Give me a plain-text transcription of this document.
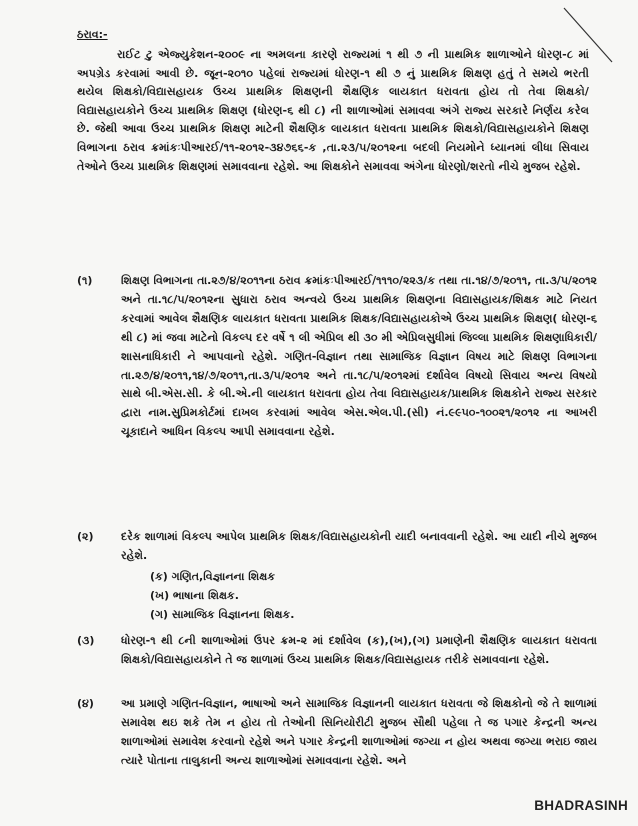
ઠરાવ:-
રાઈટ ટુ એજ્યુકેશન-૨૦૦૯ ના અમલના કારણે રાજ્યમાં ૧ થી ૭ ની પ્રાથમિક શાળાઓને ધોરણ-૮ માં અપગ્રેડ કરવામાં આવી છે. જૂન-૨૦૧૦ પહેલાં રાજ્યમાં ધોરણ-૧ થી ૭ નું પ્રાથમિક શિક્ષણ હતું તે સમયે ભરતી થયેલ શિક્ષકો/વિદ્યાસહાયક ઉચ્ચ પ્રાથમિક શિક્ષણની શૈક્ષણિક લાયકાત ધરાવતા હોય તો તેવા શિક્ષકો/વિદ્યાસહાયકોને ઉચ્ચ પ્રાથમિક શિક્ષણ (ધોરણ-૬ થી ૮) ની શાળાઓમાં સમાવવા અંગે રાજ્ય સરકારે નિર્ણય કરેલ છે. જેથી આવા ઉચ્ચ પ્રાથમિક શિક્ષણ માટેની શૈક્ષણિક લાયકાત ધરાવતા પ્રાથમિક શિક્ષકો/વિદ્યાસહાયકોને શિક્ષણ વિભાગના ઠરાવ ક્રમાંકઃપીઆરઈ/૧૧-૨૦૧૨-૩૪૭૬૬-ક ,તા.૨૩/૫/૨૦૧૨ના બદલી નિયમોને ધ્યાનમાં લીધા સિવાય તેઓને ઉચ્ચ પ્રાથમિક શિક્ષણમાં સમાવવાના રહેશે. આ શિક્ષકોને સમાવવા અંગેના ધોરણો/શરતો નીચે મુજબ રહેશે.
(૧)	શિક્ષણ વિભાગના તા.૨૭/૪/૨૦૧૧ના ઠરાવ ક્રમાંકઃપીઆરઈ/૧૧૧૦/૨૨૩/ક તથા તા.૧૪/૭/૨૦૧૧, તા.૩/૫/૨૦૧૨ અને તા.૧૮/૫/૨૦૧૨ના સુધારા ઠરાવ અન્વયે ઉચ્ચ પ્રાથમિક શિક્ષણના વિદ્યાસહાયક/શિક્ષક માટે નિયત કરવામાં આવેલ શૈક્ષણિક લાયકાત ધરાવતા પ્રાથમિક શિક્ષક/વિદ્યાસહાયકોએ ઉચ્ચ પ્રાથમિક શિક્ષણ( ધોરણ-૬ થી ૮) માં જવા માટેનો વિકલ્પ દર વર્ષે ૧ લી એપ્રિલ થી ૩૦ મી એપ્રિલસુધીમાં જિલ્લા પ્રાથમિક શિક્ષણાધિકારી/શાસનાધિકારી ને આપવાનો રહેશે. ગણિત-વિજ્ઞાન તથા સામાજિક વિજ્ઞાન વિષય માટે શિક્ષણ વિભાગના તા.૨૭/૪/૨૦૧૧,૧૪/૭/૨૦૧૧,તા.૩/૫/૨૦૧૨ અને તા.૧૮/૫/૨૦૧૨માં દર્શાવેલ વિષયો સિવાય અન્ય વિષયો સાથે બી.એસ.સી. કે બી.એ.ની લાયકાત ધરાવતા હોય તેવા વિદ્યાસહાયક/પ્રાથમિક શિક્ષકોને રાજ્ય સરકાર દ્વારા નામ.સુપ્રિમકોર્ટમાં દાખલ કરવામાં આવેલ એસ.એલ.પી.(સી) નં.૯૯૫૦-૧૦૦૨૧/૨૦૧૨ ના આખરી ચૂકાદાને આધિન વિકલ્પ આપી સમાવવાના રહેશે.
(૨)	દરેક શાળામાં વિકલ્પ આપેલ પ્રાથમિક શિક્ષક/વિદ્યાસહાયકોની યાદી બનાવવાની રહેશે. આ યાદી નીચે મુજબ રહેશે.
(ક) ગણિત,વિજ્ઞાનના શિક્ષક
(ખ) ભાષાના શિક્ષક.
(ગ) સામાજિક વિજ્ઞાનના શિક્ષક.
(૩)	ધોરણ-૧ થી ૮ની શાળાઓમાં ઉપર ક્રમ-૨ માં દર્શાવેલ (ક),(ખ),(ગ) પ્રમાણેની શૈક્ષણિક લાયકાત ધરાવતા શિક્ષકો/વિદ્યાસહાયકોને તે જ શાળામાં ઉચ્ચ પ્રાથમિક શિક્ષક/વિદ્યાસહાયક તરીકે સમાવવાના રહેશે.
(૪)	આ પ્રમાણે ગણિત-વિજ્ઞાન, ભાષાઓ અને સામાજિક વિજ્ઞાનની લાયકાત ધરાવતા જે શિક્ષકોનો જે તે શાળામાં સમાવેશ થઇ શકે તેમ ન હોય તો તેઓની સિનિયોરીટી મુજબ સૌથી પહેલા તે જ પગાર કેન્દ્રની અન્ય શાળાઓમાં સમાવેશ કરવાનો રહેશે અને પગાર કેન્દ્રની શાળાઓમાં જગ્યા ન હોય અથવા જગ્યા ભરાઇ જાય ત્યારે પોતાના તાલુકાની અન્ય શાળાઓમાં સમાવવાના રહેશે. અને
BHADRASINH
